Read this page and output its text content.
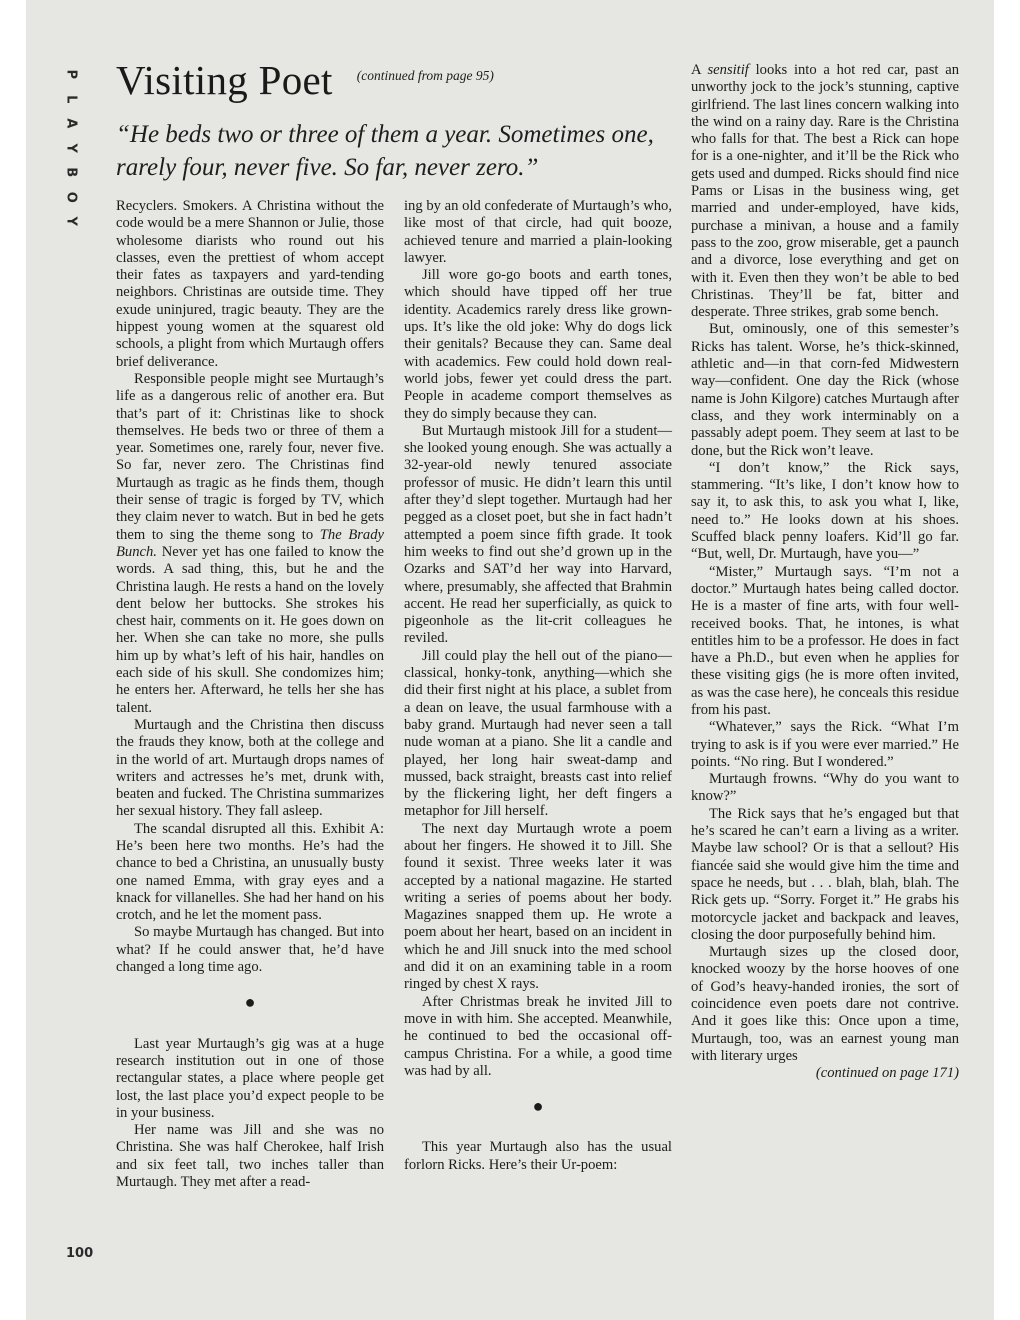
P
L
A
Y
B
O
Y
100
Visiting Poet $^{(continued from page 95)}$
“He beds two or three of them a year. Sometimes one, rarely four, never five. So far, never zero.”

Recyclers. Smokers. A Christina without the code would be a mere Shannon or Julie, those wholesome diarists who round out his classes, even the prettiest of whom accept their fates as taxpayers and yard-tending neighbors. Christinas are outside time. They exude uninjured, tragic beauty. They are the hippest young women at the squarest old schools, a plight from which Murtaugh offers brief deliverance.

Responsible people might see Murtaugh’s life as a dangerous relic of another era. But that’s part of it: Christinas like to shock themselves. He beds two or three of them a year. Sometimes one, rarely four, never five. So far, never zero. The Christinas find Murtaugh as tragic as he finds them, though their sense of tragic is forged by TV, which they claim never to watch. But in bed he gets them to sing the theme song to The Brady Bunch. Never yet has one failed to know the words. A sad thing, this, but he and the Christina laugh. He rests a hand on the lovely dent below her buttocks. She strokes his chest hair, comments on it. He goes down on her. When she can take no more, she pulls him up by what’s left of his hair, handles on each side of his skull. She condomizes him; he enters her. Afterward, he tells her she has talent.

Murtaugh and the Christina then discuss the frauds they know, both at the college and in the world of art. Murtaugh drops names of writers and actresses he’s met, drunk with, beaten and fucked. The Christina summarizes her sexual history. They fall asleep.

The scandal disrupted all this. Exhibit A: He’s been here two months. He’s had the chance to bed a Christina, an unusually busty one named Emma, with gray eyes and a knack for villanelles. She had her hand on his crotch, and he let the moment pass.

So maybe Murtaugh has changed. But into what? If he could answer that, he’d have changed a long time ago.

●

Last year Murtaugh’s gig was at a huge research institution out in one of those rectangular states, a place where people get lost, the last place you’d expect people to be in your business.

Her name was Jill and she was no Christina. She was half Cherokee, half Irish and six feet tall, two inches taller than Murtaugh. They met after a read-

ing by an old confederate of Murtaugh’s who, like most of that circle, had quit booze, achieved tenure and married a plain-looking lawyer.

Jill wore go-go boots and earth tones, which should have tipped off her true identity. Academics rarely dress like grown-ups. It’s like the old joke: Why do dogs lick their genitals? Because they can. Same deal with academics. Few could hold down real-world jobs, fewer yet could dress the part. People in academe comport themselves as they do simply because they can.

But Murtaugh mistook Jill for a student—she looked young enough. She was actually a 32-year-old newly tenured associate professor of music. He didn’t learn this until after they’d slept together. Murtaugh had her pegged as a closet poet, but she in fact hadn’t attempted a poem since fifth grade. It took him weeks to find out she’d grown up in the Ozarks and SAT’d her way into Harvard, where, presumably, she affected that Brahmin accent. He read her superficially, as quick to pigeonhole as the lit-crit colleagues he reviled.

Jill could play the hell out of the piano—classical, honky-tonk, anything—which she did their first night at his place, a sublet from a dean on leave, the usual farmhouse with a baby grand. Murtaugh had never seen a tall nude woman at a piano. She lit a candle and played, her long hair sweat-damp and mussed, back straight, breasts cast into relief by the flickering light, her deft fingers a metaphor for Jill herself.

The next day Murtaugh wrote a poem about her fingers. He showed it to Jill. She found it sexist. Three weeks later it was accepted by a national magazine. He started writing a series of poems about her body. Magazines snapped them up. He wrote a poem about her heart, based on an incident in which he and Jill snuck into the med school and did it on an examining table in a room ringed by chest X rays.

After Christmas break he invited Jill to move in with him. She accepted. Meanwhile, he continued to bed the occasional off-campus Christina. For a while, a good time was had by all.

●

This year Murtaugh also has the usual forlorn Ricks. Here’s their Ur-poem:

A sensitif looks into a hot red car, past an unworthy jock to the jock’s stunning, captive girlfriend. The last lines concern walking into the wind on a rainy day. Rare is the Christina who falls for that. The best a Rick can hope for is a one-nighter, and it’ll be the Rick who gets used and dumped. Ricks should find nice Pams or Lisas in the business wing, get married and under-employed, have kids, purchase a minivan, a house and a family pass to the zoo, grow miserable, get a paunch and a divorce, lose everything and get on with it. Even then they won’t be able to bed Christinas. They’ll be fat, bitter and desperate. Three strikes, grab some bench.

But, ominously, one of this semester’s Ricks has talent. Worse, he’s thick-skinned, athletic and—in that corn-fed Midwestern way—confident. One day the Rick (whose name is John Kilgore) catches Murtaugh after class, and they work interminably on a passably adept poem. They seem at last to be done, but the Rick won’t leave.

“I don’t know,” the Rick says, stammering. “It’s like, I don’t know how to say it, to ask this, to ask you what I, like, need to.” He looks down at his shoes. Scuffed black penny loafers. Kid’ll go far. “But, well, Dr. Murtaugh, have you—”

“Mister,” Murtaugh says. “I’m not a doctor.” Murtaugh hates being called doctor. He is a master of fine arts, with four well-received books. That, he intones, is what entitles him to be a professor. He does in fact have a Ph.D., but even when he applies for these visiting gigs (he is more often invited, as was the case here), he conceals this residue from his past.

“Whatever,” says the Rick. “What I’m trying to ask is if you were ever married.” He points. “No ring. But I wondered.”

Murtaugh frowns. “Why do you want to know?”

The Rick says that he’s engaged but that he’s scared he can’t earn a living as a writer. Maybe law school? Or is that a sellout? His fiancée said she would give him the time and space he needs, but . . . blah, blah, blah. The Rick gets up. “Sorry. Forget it.” He grabs his motorcycle jacket and backpack and leaves, closing the door purposefully behind him.

Murtaugh sizes up the closed door, knocked woozy by the horse hooves of one of God’s heavy-handed ironies, the sort of coincidence even poets dare not contrive. And it goes like this: Once upon a time, Murtaugh, too, was an earnest young man with literary urges

(continued on page 171)
